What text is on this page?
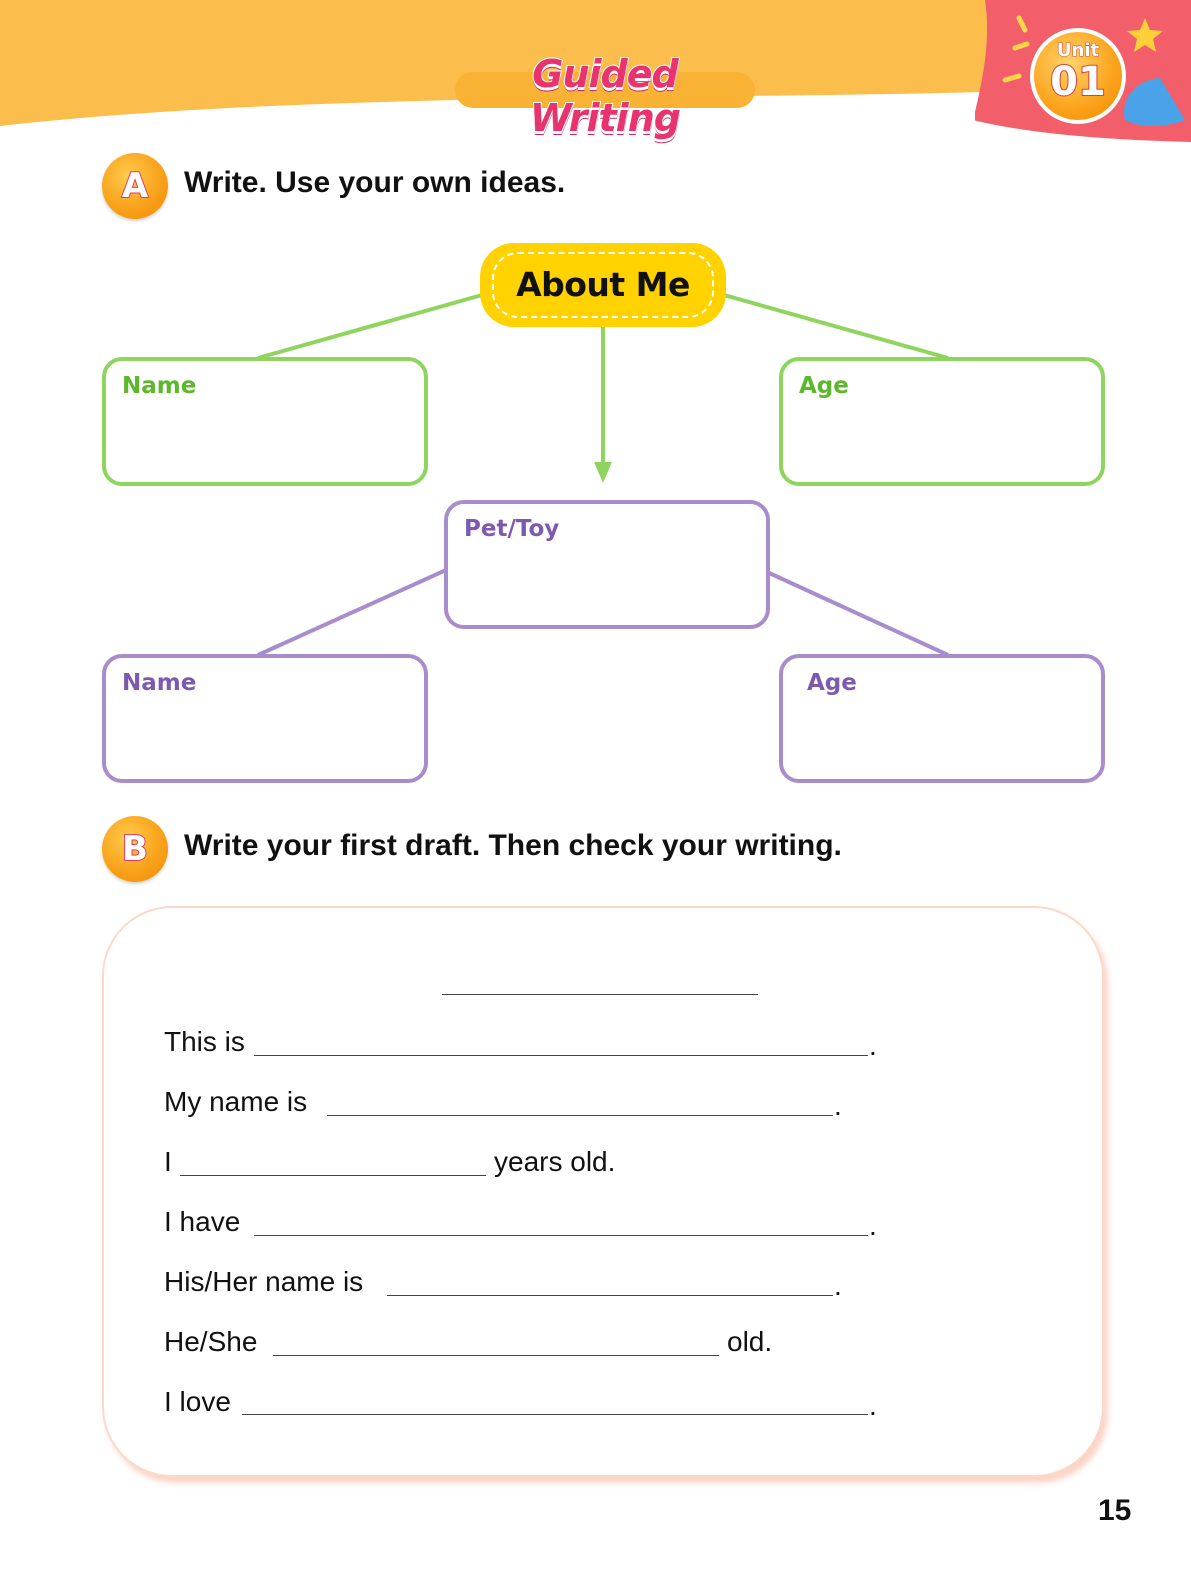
Guided Writing
Unit
01
A	Write. Use your own ideas.
About Me
Name	Age
Pet/Toy
Name	Age
B	Write your first draft. Then check your writing.
This is	.
My name is	.
I	years old.
I have	.
His/Her name is	.
He/She	old.
I love	.
15
